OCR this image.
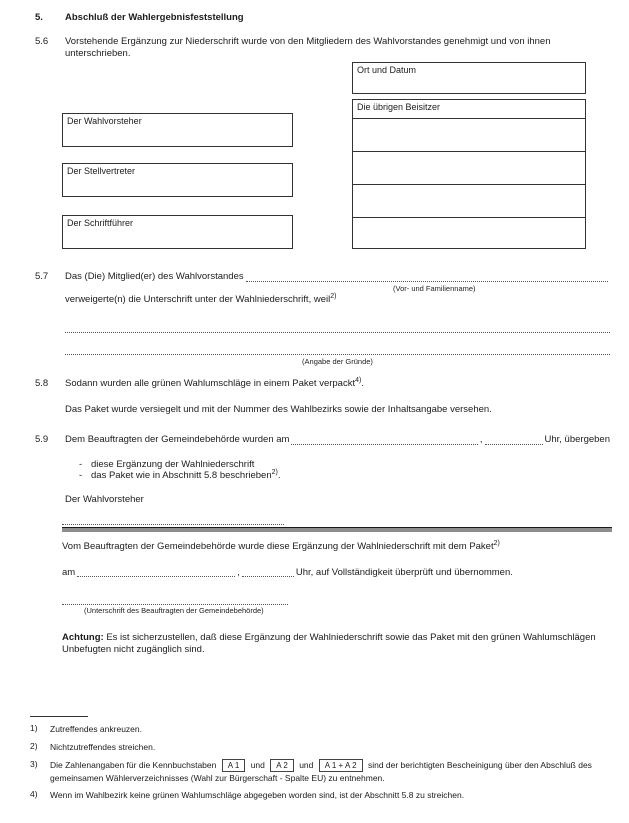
5.	Abschluß der Wahlergebnisfeststellung
5.6	Vorstehende Ergänzung zur Niederschrift wurde von den Mitgliedern des Wahlvorstandes genehmigt und von ihnen unterschrieben.
Ort und Datum
Die übrigen Beisitzer
Der Wahlvorsteher
Der Stellvertreter
Der Schriftführer
5.7	Das (Die) Mitglied(er) des Wahlvorstandes
(Vor- und Familienname)
verweigerte(n) die Unterschrift unter der Wahlniederschrift, weil$^{2)}$
(Angabe der Gründe)
5.8	Sodann wurden alle grünen Wahlumschläge in einem Paket verpackt$^{4)}$.
Das Paket wurde versiegelt und mit der Nummer des Wahlbezirks sowie der Inhaltsangabe versehen.
5.9	Dem Beauftragten der Gemeindebehörde wurden am	,	Uhr, übergeben
- diese Ergänzung der Wahlniederschrift
- das Paket wie in Abschnitt 5.8 beschrieben$^{2)}$.
Der Wahlvorsteher
Vom Beauftragten der Gemeindebehörde wurde diese Ergänzung der Wahlniederschrift mit dem Paket$^{2)}$
am	,	Uhr, auf Vollständigkeit überprüft und übernommen.
(Unterschrift des Beauftragten der Gemeindebehörde)
Achtung: Es ist sicherzustellen, daß diese Ergänzung der Wahlniederschrift sowie das Paket mit den grünen Wahlumschlägen Unbefugten nicht zugänglich sind.
1)	Zutreffendes ankreuzen.
2)	Nichtzutreffendes streichen.
3)	Die Zahlenangaben für die Kennbuchstaben A 1 und A 2 und A 1 + A 2 sind der berichtigten Bescheinigung über den Abschluß des gemeinsamen Wählerverzeichnisses (Wahl zur Bürgerschaft - Spalte EU) zu entnehmen.
4)	Wenn im Wahlbezirk keine grünen Wahlumschläge abgegeben worden sind, ist der Abschnitt 5.8 zu streichen.
